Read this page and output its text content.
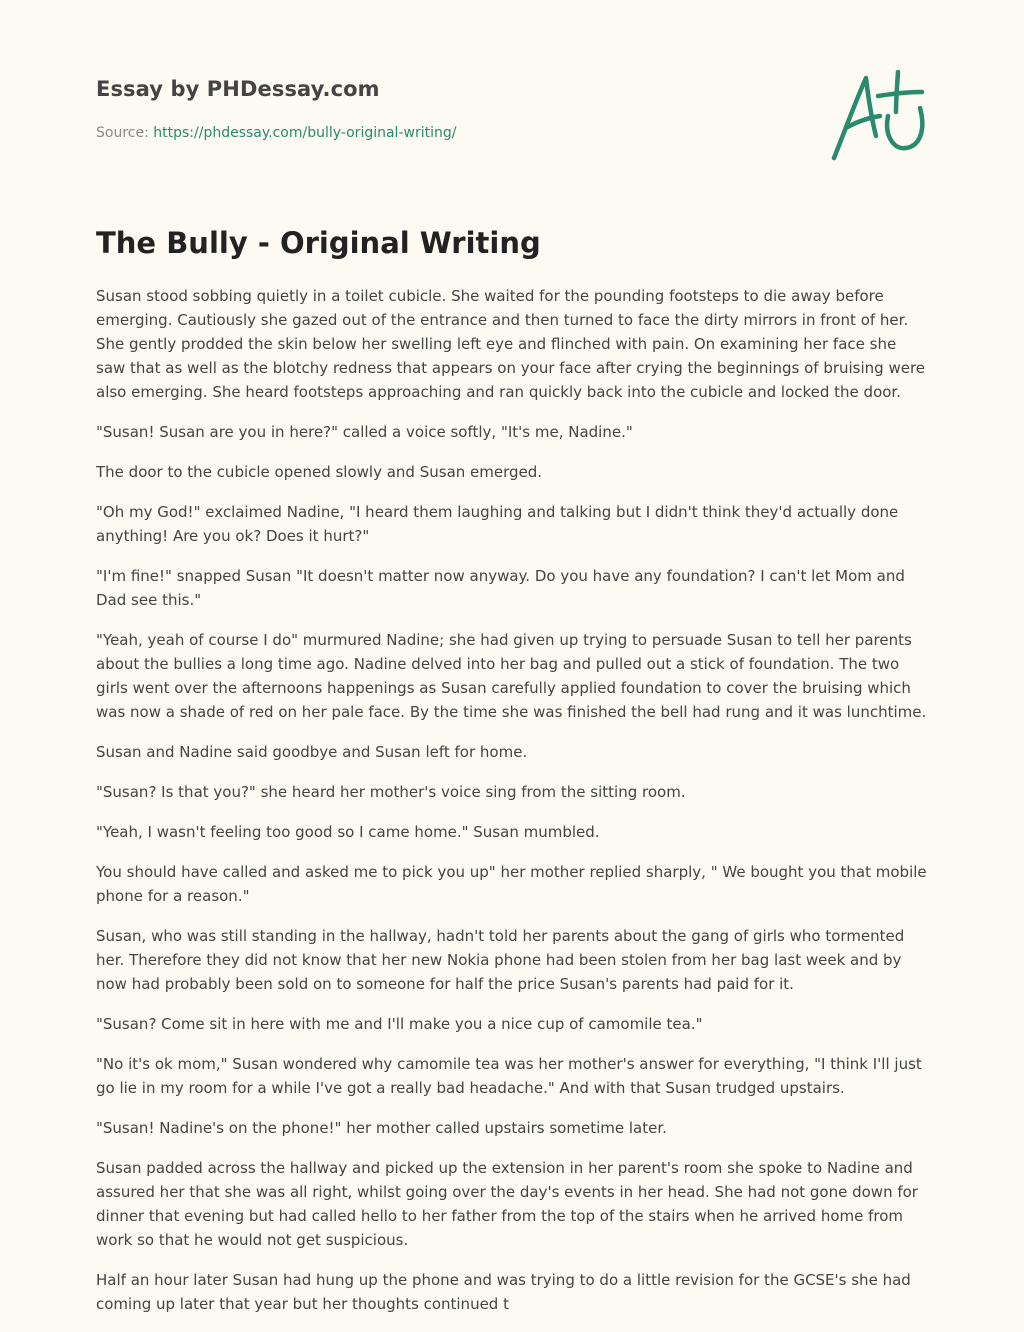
Essay by PHDessay.com
Source: https://phdessay.com/bully-original-writing/
The Bully - Original Writing

Susan stood sobbing quietly in a toilet cubicle. She waited for the pounding footsteps to die away before emerging. Cautiously she gazed out of the entrance and then turned to face the dirty mirrors in front of her. She gently prodded the skin below her swelling left eye and flinched with pain. On examining her face she saw that as well as the blotchy redness that appears on your face after crying the beginnings of bruising were also emerging. She heard footsteps approaching and ran quickly back into the cubicle and locked the door.

"Susan! Susan are you in here?" called a voice softly, "It's me, Nadine."

The door to the cubicle opened slowly and Susan emerged.

"Oh my God!" exclaimed Nadine, "I heard them laughing and talking but I didn't think they'd actually done anything! Are you ok? Does it hurt?"

"I'm fine!" snapped Susan "It doesn't matter now anyway. Do you have any foundation? I can't let Mom and Dad see this."

"Yeah, yeah of course I do" murmured Nadine; she had given up trying to persuade Susan to tell her parents about the bullies a long time ago. Nadine delved into her bag and pulled out a stick of foundation. The two girls went over the afternoons happenings as Susan carefully applied foundation to cover the bruising which was now a shade of red on her pale face. By the time she was finished the bell had rung and it was lunchtime.

Susan and Nadine said goodbye and Susan left for home.

"Susan? Is that you?" she heard her mother's voice sing from the sitting room.

"Yeah, I wasn't feeling too good so I came home." Susan mumbled.

You should have called and asked me to pick you up" her mother replied sharply, " We bought you that mobile phone for a reason."

Susan, who was still standing in the hallway, hadn't told her parents about the gang of girls who tormented her. Therefore they did not know that her new Nokia phone had been stolen from her bag last week and by now had probably been sold on to someone for half the price Susan's parents had paid for it.

"Susan? Come sit in here with me and I'll make you a nice cup of camomile tea."

"No it's ok mom," Susan wondered why camomile tea was her mother's answer for everything, "I think I'll just go lie in my room for a while I've got a really bad headache." And with that Susan trudged upstairs.

"Susan! Nadine's on the phone!" her mother called upstairs sometime later.

Susan padded across the hallway and picked up the extension in her parent's room she spoke to Nadine and assured her that she was all right, whilst going over the day's events in her head. She had not gone down for dinner that evening but had called hello to her father from the top of the stairs when he arrived home from work so that he would not get suspicious.

Half an hour later Susan had hung up the phone and was trying to do a little revision for the GCSE's she had coming up later that year but her thoughts continued t
